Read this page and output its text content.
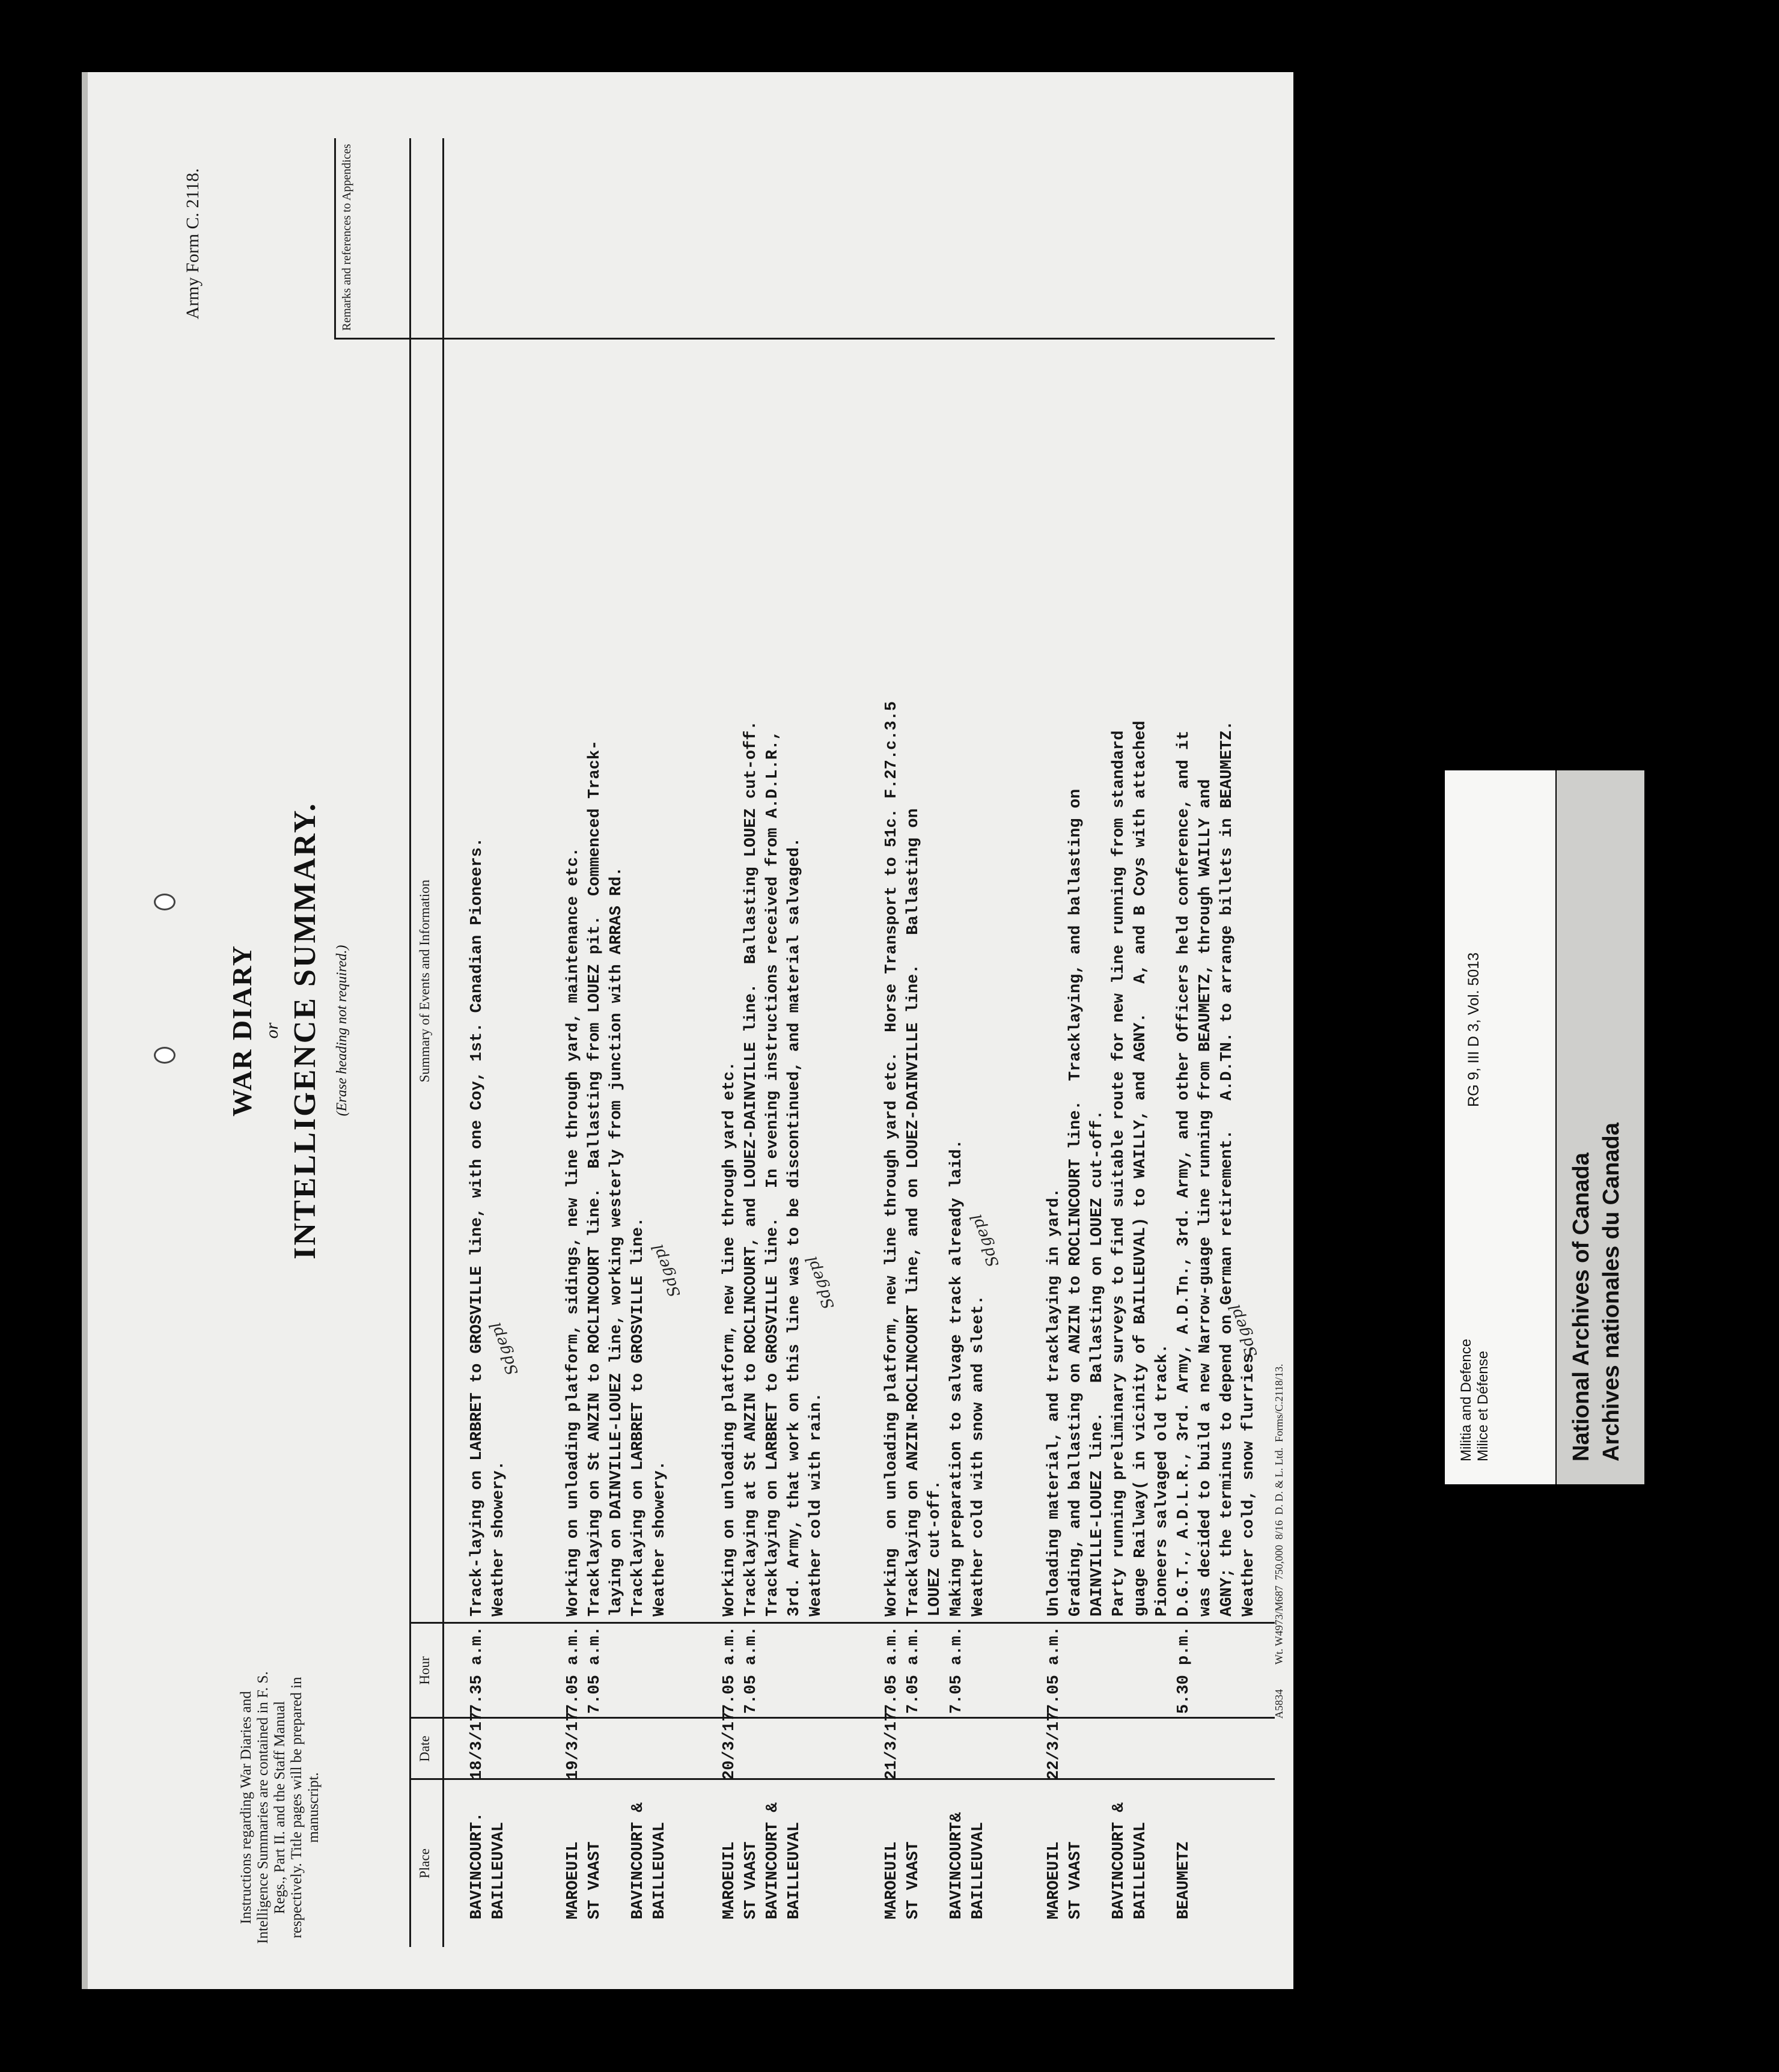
Army Form C. 2118.
Instructions regarding War Diaries and Intelligence Summaries are contained in F. S. Regs., Part II. and the Staff Manual respectively. Title pages will be prepared in manuscript.
WAR DIARY or INTELLIGENCE SUMMARY. (Erase heading not required.)
Place
Date
Hour
Summary of Events and Information
Remarks and references to Appendices
BAVINCOURT.
BAILLEUVAL
18/3/17
7.35 a.m.
Track-laying on LARBRET to GROSVILLE line, with one Coy, 1st. Canadian Pioneers.
Weather showery.
Sdgepl
MAROEUIL
ST VAAST

BAVINCOURT &
BAILLEUVAL
19/3/17
7.05 a.m.
7.05 a.m.
Working on unloading platform, sidings, new line through yard, maintenance etc.
Tracklaying on St ANZIN to ROCLINCOURT line.  Ballasting from LOUEZ pit.  Commenced Track-
laying on DAINVILLE-LOUEZ line, working westerly from junction with ARRAS Rd.
Tracklaying on LARBRET to GROSVILLE line.
Weather showery.
Sdgepl
MAROEUIL
ST VAAST
BAVINCOURT &
BAILLEUVAL
20/3/17
7.05 a.m.
7.05 a.m.
Working on unloading platform, new line through yard etc.
Tracklaying at St ANZIN to ROCLINCOURT, and LOUEZ-DAINVILLE line.  Ballasting LOUEZ cut-off.
Tracklaying on LARBRET to GROSVILLE line.   In evening instructions received from A.D.L.R.,
3rd. Army, that work on this line was to be discontinued, and material salvaged.
Weather cold with rain.
Sdgepl
MAROEUIL
ST VAAST

BAVINCOURT&
BAILLEUVAL
21/3/17
7.05 a.m.
7.05 a.m.

7.05 a.m.
Working  on unloading platform, new line through yard etc.  Horse Transport to 51c. F.27.c.3.5
Tracklaying on ANZIN-ROCLINCOURT line, and on LOUEZ-DAINVILLE line.   Ballasting on
LOUEZ cut-off.
Making preparation to salvage track already laid.
Weather cold with snow and sleet.
Sdgepl
MAROEUIL
ST VAAST

BAVINCOURT &
BAILLEUVAL

BEAUMETZ
22/3/17
7.05 a.m.

5.30 p.m.
Unloading material, and tracklaying in yard.
Grading, and ballasting on ANZIN to ROCLINCOURT line.  Tracklaying, and ballasting on
DAINVILLE-LOUEZ line.   Ballasting on LOUEZ cut-off.
Party running preliminary surveys to find suitable route for new line running from standard
guage Railway( in vicinity of BAILLEUVAL) to WAILLY, and AGNY.   A, and B Coys with attached
Pioneers salvaged old track.
D.G.T., A.D.L.R., 3rd. Army, A.D.Tn., 3rd. Army, and other Officers held conference, and it
was decided to build a new Narrow-guage line running from BEAUMETZ, through WAILLY and
AGNY; the terminus to depend on German retirement.   A.D.TN. to arrange billets in BEAUMETZ.
Weather cold, snow flurries.
Sdgepl
A5834
Wt. W4973/M687  750,000  8/16  D. D. & L. Ltd.  Forms/C.2118/13.	Militia and Defence Milice et Défense
RG 9, III D 3, Vol. 5013
National Archives of Canada Archives nationales du Canada
